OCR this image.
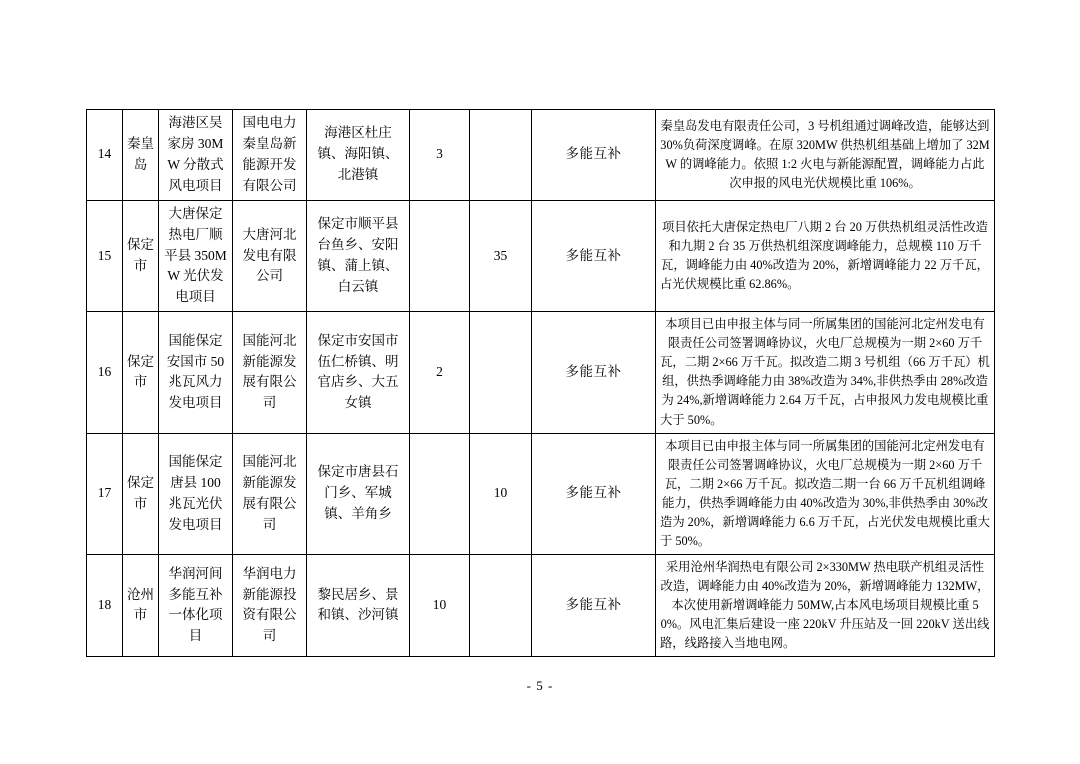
14	秦皇岛	海港区吴家房 30MW 分散式风电项目	国电电力秦皇岛新能源开发有限公司	海港区杜庄镇、海阳镇、北港镇	3		多能互补	秦皇岛发电有限责任公司，3 号机组通过调峰改造，能够达到 30%负荷深度调峰。在原 320MW 供热机组基础上增加了 32MW 的调峰能力。依照 1:2 火电与新能源配置，调峰能力占此次申报的风电光伏规模比重 106%。
15	保定市	大唐保定热电厂顺平县 350MW 光伏发电项目	大唐河北发电有限公司	保定市顺平县台鱼乡、安阳镇、蒲上镇、白云镇		35	多能互补	项目依托大唐保定热电厂八期 2 台 20 万供热机组灵活性改造和九期 2 台 35 万供热机组深度调峰能力，总规模 110 万千瓦，调峰能力由 40%改造为 20%，新增调峰能力 22 万千瓦，占光伏规模比重 62.86%。
16	保定市	国能保定安国市 50 兆瓦风力发电项目	国能河北新能源发展有限公司	保定市安国市伍仁桥镇、明官店乡、大五女镇	2		多能互补	本项目已由申报主体与同一所属集团的国能河北定州发电有限责任公司签署调峰协议，火电厂总规模为一期 2×60 万千瓦，二期 2×66 万千瓦。拟改造二期 3 号机组（66 万千瓦）机组，供热季调峰能力由 38%改造为 34%,非供热季由 28%改造为 24%,新增调峰能力 2.64 万千瓦，占申报风力发电规模比重大于 50%。
17	保定市	国能保定唐县 100 兆瓦光伏发电项目	国能河北新能源发展有限公司	保定市唐县石门乡、军城镇、羊角乡		10	多能互补	本项目已由申报主体与同一所属集团的国能河北定州发电有限责任公司签署调峰协议，火电厂总规模为一期 2×60 万千瓦，二期 2×66 万千瓦。拟改造二期一台 66 万千瓦机组调峰能力，供热季调峰能力由 40%改造为 30%,非供热季由 30%改造为 20%，新增调峰能力 6.6 万千瓦，占光伏发电规模比重大于 50%。
18	沧州市	华润河间多能互补一体化项目	华润电力新能源投资有限公司	黎民居乡、景和镇、沙河镇	10		多能互补	采用沧州华润热电有限公司 2×330MW 热电联产机组灵活性改造，调峰能力由 40%改造为 20%，新增调峰能力 132MW，本次使用新增调峰能力 50MW,占本风电场项目规模比重 50%。风电汇集后建设一座 220kV 升压站及一回 220kV 送出线路，线路接入当地电网。
- 5 -
